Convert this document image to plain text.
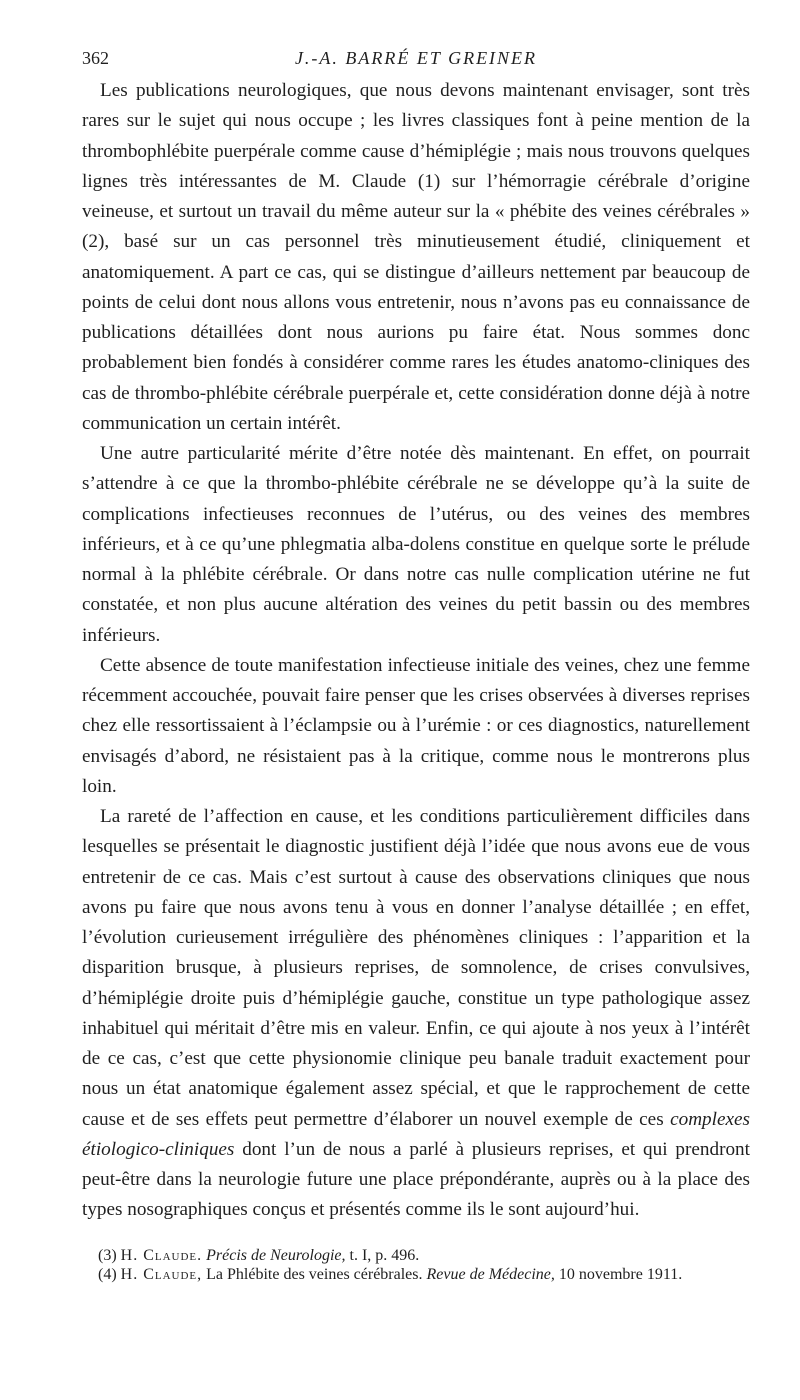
362	J.-A. BARRÉ ET GREINER

Les publications neurologiques, que nous devons maintenant envisager, sont très rares sur le sujet qui nous occupe ; les livres classiques font à peine mention de la thrombophlébite puerpérale comme cause d’hémiplégie ; mais nous trouvons quelques lignes très intéressantes de M. Claude (1) sur l’hémorragie cérébrale d’origine veineuse, et surtout un travail du même auteur sur la « phébite des veines cérébrales » (2), basé sur un cas personnel très minutieusement étudié, cliniquement et anatomiquement. A part ce cas, qui se distingue d’ailleurs nettement par beaucoup de points de celui dont nous allons vous entretenir, nous n’avons pas eu connaissance de publications détaillées dont nous aurions pu faire état. Nous sommes donc probablement bien fondés à considérer comme rares les études anatomo-cliniques des cas de thrombo-phlébite cérébrale puerpérale et, cette considération donne déjà à notre communication un certain intérêt.

Une autre particularité mérite d’être notée dès maintenant. En effet, on pourrait s’attendre à ce que la thrombo-phlébite cérébrale ne se développe qu’à la suite de complications infectieuses reconnues de l’utérus, ou des veines des membres inférieurs, et à ce qu’une phlegmatia alba-dolens constitue en quelque sorte le prélude normal à la phlébite cérébrale. Or dans notre cas nulle complication utérine ne fut constatée, et non plus aucune altération des veines du petit bassin ou des membres inférieurs.

Cette absence de toute manifestation infectieuse initiale des veines, chez une femme récemment accouchée, pouvait faire penser que les crises observées à diverses reprises chez elle ressortissaient à l’éclampsie ou à l’urémie : or ces diagnostics, naturellement envisagés d’abord, ne résistaient pas à la critique, comme nous le montrerons plus loin.

La rareté de l’affection en cause, et les conditions particulièrement difficiles dans lesquelles se présentait le diagnostic justifient déjà l’idée que nous avons eue de vous entretenir de ce cas. Mais c’est surtout à cause des observations cliniques que nous avons pu faire que nous avons tenu à vous en donner l’analyse détaillée ; en effet, l’évolution curieusement irrégulière des phénomènes cliniques : l’apparition et la disparition brusque, à plusieurs reprises, de somnolence, de crises convulsives, d’hémiplégie droite puis d’hémiplégie gauche, constitue un type pathologique assez inhabituel qui méritait d’être mis en valeur. Enfin, ce qui ajoute à nos yeux à l’intérêt de ce cas, c’est que cette physionomie clinique peu banale traduit exactement pour nous un état anatomique également assez spécial, et que le rapprochement de cette cause et de ses effets peut permettre d’élaborer un nouvel exemple de ces complexes étiologico-cliniques dont l’un de nous a parlé à plusieurs reprises, et qui prendront peut-être dans la neurologie future une place prépondérante, auprès ou à la place des types nosographiques conçus et présentés comme ils le sont aujourd’hui.

(3) H. Claude. Précis de Neurologie, t. I, p. 496.

(4) H. Claude, La Phlébite des veines cérébrales. Revue de Médecine, 10 novembre 1911.
